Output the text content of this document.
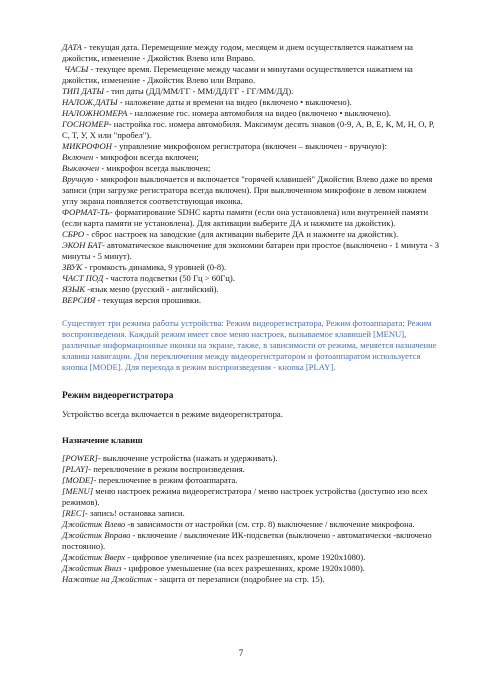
ДАТА - текущая дата. Перемещение между годом, месяцем и днем осуществляется нажатием на джойстик, изменение - Джойстик Влево или Вправо.

ЧАСЫ - текущее время. Перемещение между часами и минутами осуществляется нажатием на джойстик, изменение - Джойстик Влево или Вправо.

ТИП ДАТЫ - тип даты (ДД/ММ/ГГ - ММ/ДД/ГГ - ГГ/ММ/ДД).

НАЛОЖ.ДАТЫ - наложение даты и времени на видео (включено • выключено).

НАЛОЖНОМЕРА - наложение гос. номера автомобиля на видео (включено • выключено).

ГОСНОМЕР- настройка гос. номера автомобиля. Максимум десять знаков (0-9, А, В, Е, К, М, Н, О, Р, С, Т, У, Х или "пробел").

МИКРОФОН - управление микрофоном регистратора (включен – выключен - вручную):

Включен - микрофон всегда включен;

Выключен - микрофон всегда выключен;

Вручную - микрофон выключается и включается "горячей клавишей" Джойстик Влево даже во время записи (при загрузке регистратора всегда включен). При выключенном микрофоне в левом нижнем углу экрана появляется соответствующая иконка.

ФОРМАТ-ТЬ- форматирование SDHC карты памяти (если она установлена) или внутренней памяти (если карта памяти не установлена). Для активации выберите ДА и нажмите на джойстик).

СБРО - сброс настроек на заводские (для активации выберите ДА и нажмите на джойстик).

ЭКОН БАТ- автоматическое выключение для экономии батареи при простое (выключено - 1 минута - 3 минуты - 5 минут).

ЗВУК - громкость динамика, 9 уровней (0-8).

ЧАСТ ПОД - частота подсветки (50 Гц > 60Гц).

ЯЗЫК -язык меню (русский - английский).

ВЕРСИЯ - текущая версия прошивки.

Существует три режима работы устройства: Режим видеорегистратора, Режим фотоаппарата; Режим воспроизведения. Каждый режим имеет свое меню настроек, вызываемое клавишей [MENU], различные информационные иконки на экране, также, в зависимости от режима, меняется назначение клавиш навигации. Для переключения между видеорегистратором и фотоаппаратом используется кнопка [MODE]. Для перехода в режим воспроизведения - кнопка [PLAY].

Режим видеорегистратора

Устройство всегда включается в режиме видеорегистратора.

Назначение клавиш

[POWER]- выключение устройства (нажать и удерживать).

[PLAY]- переключение в режим воспроизведения.

[MODE]- переключение в режим фотоаппарата.

[MENU] меню настроек режима видеорегистратора / меню настроек устройства (доступно изо всех режимов).

[REC]- запись! остановка записи.

Джойстик Влево -в зависимости от настройки (см. стр. 8) выключение / включение микрофона.

Джойстик Вправо - включение / выключение ИК-подсветки (выключено - автоматически -включено постоянно).

Джойстик Вверх - цифровое увеличение (на всех разрешениях, кроме 1920x1080).

Джойстик Вниз - цифровое уменьшение (на всех разрешениях, кроме 1920x1080).

Нажатие на Джойстик - защита от перезаписи (подробнее на стр. 15).

7
